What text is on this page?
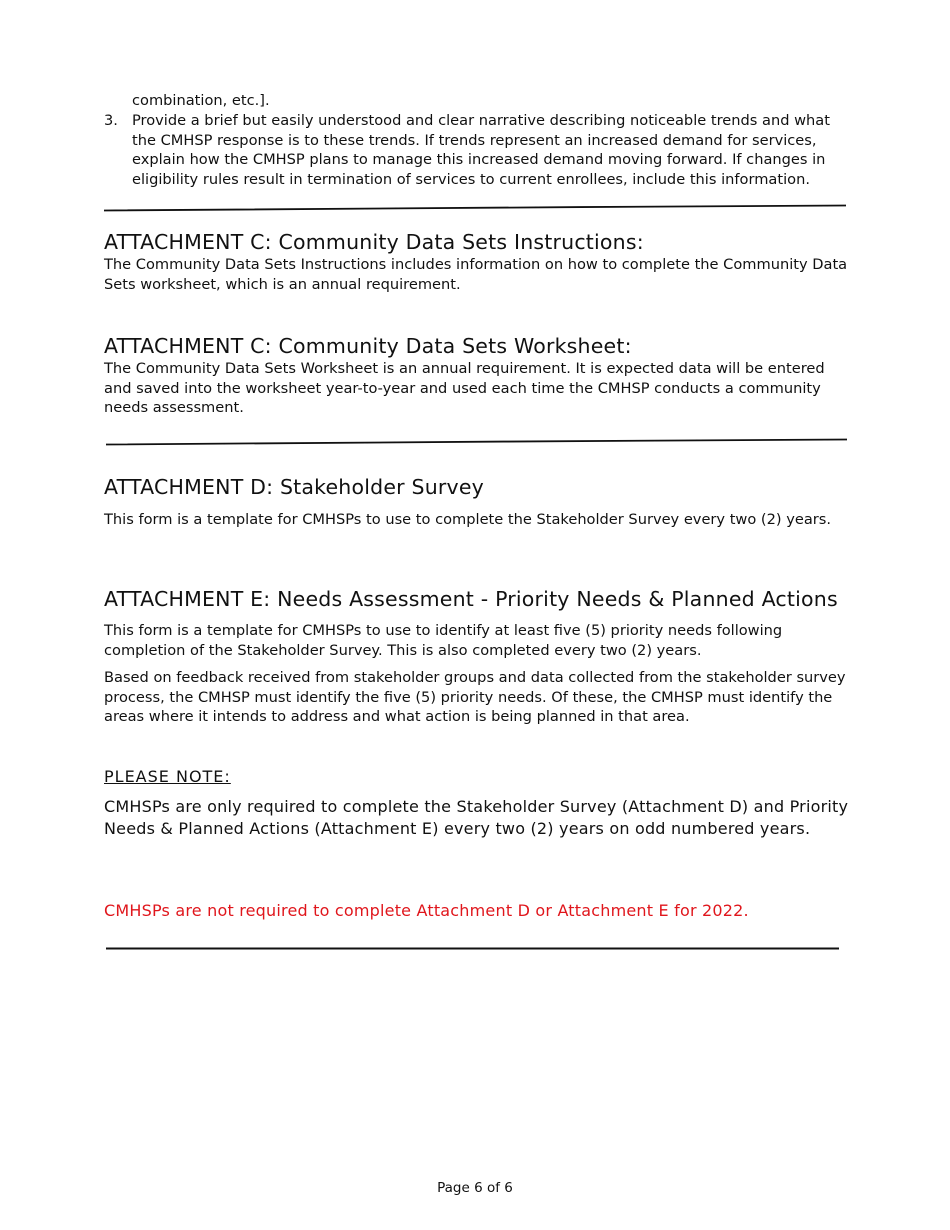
combination, etc.].

3. Provide a brief but easily understood and clear narrative describing noticeable trends and what the CMHSP response is to these trends. If trends represent an increased demand for services, explain how the CMHSP plans to manage this increased demand moving forward. If changes in eligibility rules result in termination of services to current enrollees, include this information.

ATTACHMENT C: Community Data Sets Instructions:

The Community Data Sets Instructions includes information on how to complete the Community Data Sets worksheet, which is an annual requirement.

ATTACHMENT C: Community Data Sets Worksheet:

The Community Data Sets Worksheet is an annual requirement. It is expected data will be entered and saved into the worksheet year-to-year and used each time the CMHSP conducts a community needs assessment.

ATTACHMENT D: Stakeholder Survey

This form is a template for CMHSPs to use to complete the Stakeholder Survey every two (2) years.

ATTACHMENT E: Needs Assessment - Priority Needs & Planned Actions

This form is a template for CMHSPs to use to identify at least five (5) priority needs following completion of the Stakeholder Survey. This is also completed every two (2) years.

Based on feedback received from stakeholder groups and data collected from the stakeholder survey process, the CMHSP must identify the five (5) priority needs. Of these, the CMHSP must identify the areas where it intends to address and what action is being planned in that area.

PLEASE NOTE:

CMHSPs are only required to complete the Stakeholder Survey (Attachment D) and Priority Needs & Planned Actions (Attachment E) every two (2) years on odd numbered years.

CMHSPs are not required to complete Attachment D or Attachment E for 2022.

Page 6 of 6
